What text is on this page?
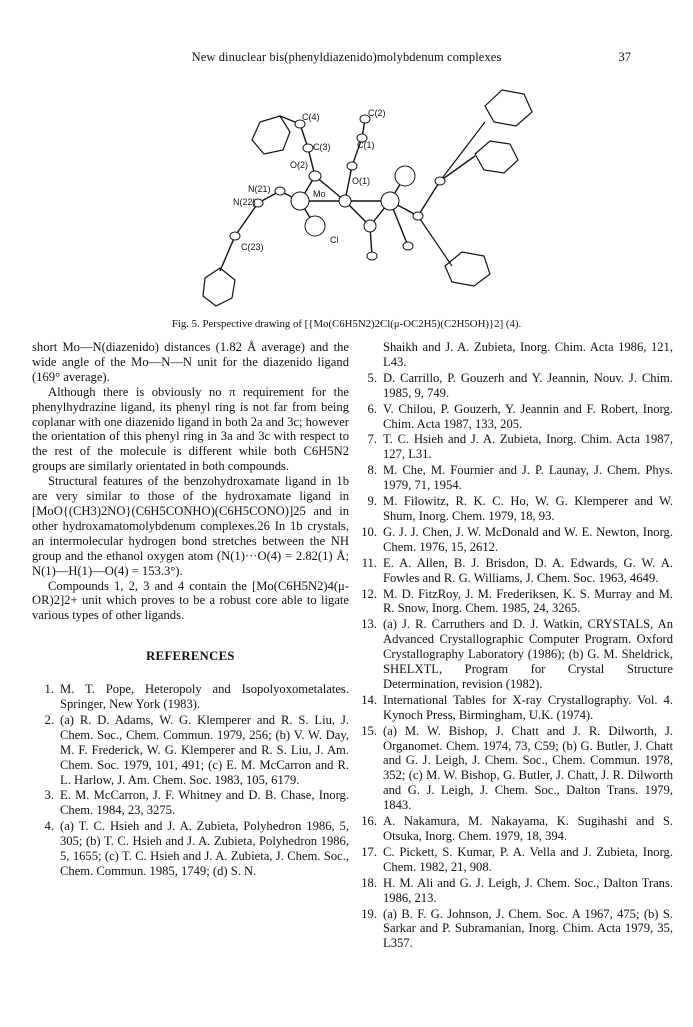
New dinuclear bis(phenyldiazenido)molybdenum complexes	37
C(4)	C(2)
C(3)	C(1)
O(2)
O(1)
N(21)	Mo
N(22)
Cl
C(23)
Fig. 5. Perspective drawing of [{Mo(C6H5N2)2Cl(μ-OC2H5)(C2H5OH)}2] (4).

short Mo—N(diazenido) distances (1.82 Å average) and the wide angle of the Mo—N—N unit for the diazenido ligand (169° average).

Although there is obviously no π requirement for the phenylhydrazine ligand, its phenyl ring is not far from being coplanar with one diazenido ligand in both 2a and 3c; however the orientation of this phenyl ring in 3a and 3c with respect to the rest of the molecule is different while both C6H5N2 groups are similarly orientated in both compounds.

Structural features of the benzohydroxamate ligand in 1b are very similar to those of the hydroxamate ligand in [MoO{(CH3)2NO}(C6H5CONHO)(C6H5CONO)]25 and in other hydroxamatomolybdenum complexes.26 In 1b crystals, an intermolecular hydrogen bond stretches between the NH group and the ethanol oxygen atom (N(1)···O(4) = 2.82(1) Å; N(1)—H(1)—O(4) = 153.3°).

Compounds 1, 2, 3 and 4 contain the [Mo(C6H5N2)4(μ-OR)2]2+ unit which proves to be a robust core able to ligate various types of other ligands.

REFERENCES
1. M. T. Pope, Heteropoly and Isopolyoxometalates. Springer, New York (1983).
2. (a) R. D. Adams, W. G. Klemperer and R. S. Liu, J. Chem. Soc., Chem. Commun. 1979, 256; (b) V. W. Day, M. F. Frederick, W. G. Klemperer and R. S. Liu, J. Am. Chem. Soc. 1979, 101, 491; (c) E. M. McCarron and R. L. Harlow, J. Am. Chem. Soc. 1983, 105, 6179.
3. E. M. McCarron, J. F. Whitney and D. B. Chase, Inorg. Chem. 1984, 23, 3275.
4. (a) T. C. Hsieh and J. A. Zubieta, Polyhedron 1986, 5, 305; (b) T. C. Hsieh and J. A. Zubieta, Polyhedron 1986, 5, 1655; (c) T. C. Hsieh and J. A. Zubieta, J. Chem. Soc., Chem. Commun. 1985, 1749; (d) S. N.
Shaikh and J. A. Zubieta, Inorg. Chim. Acta 1986, 121, L43.
5. D. Carrillo, P. Gouzerh and Y. Jeannin, Nouv. J. Chim. 1985, 9, 749.
6. V. Chilou, P. Gouzerh, Y. Jeannin and F. Robert, Inorg. Chim. Acta 1987, 133, 205.
7. T. C. Hsieh and J. A. Zubieta, Inorg. Chim. Acta 1987, 127, L31.
8. M. Che, M. Fournier and J. P. Launay, J. Chem. Phys. 1979, 71, 1954.
9. M. Filowitz, R. K. C. Ho, W. G. Klemperer and W. Shum, Inorg. Chem. 1979, 18, 93.
10. G. J. J. Chen, J. W. McDonald and W. E. Newton, Inorg. Chem. 1976, 15, 2612.
11. E. A. Allen, B. J. Brisdon, D. A. Edwards, G. W. A. Fowles and R. G. Williams, J. Chem. Soc. 1963, 4649.
12. M. D. FitzRoy, J. M. Frederiksen, K. S. Murray and M. R. Snow, Inorg. Chem. 1985, 24, 3265.
13. (a) J. R. Carruthers and D. J. Watkin, CRYSTALS, An Advanced Crystallographic Computer Program. Oxford Crystallography Laboratory (1986); (b) G. M. Sheldrick, SHELXTL, Program for Crystal Structure Determination, revision (1982).
14. International Tables for X-ray Crystallography. Vol. 4. Kynoch Press, Birmingham, U.K. (1974).
15. (a) M. W. Bishop, J. Chatt and J. R. Dilworth, J. Organomet. Chem. 1974, 73, C59; (b) G. Butler, J. Chatt and G. J. Leigh, J. Chem. Soc., Chem. Commun. 1978, 352; (c) M. W. Bishop, G. Butler, J. Chatt, J. R. Dilworth and G. J. Leigh, J. Chem. Soc., Dalton Trans. 1979, 1843.
16. A. Nakamura, M. Nakayama, K. Sugihashi and S. Otsuka, Inorg. Chem. 1979, 18, 394.
17. C. Pickett, S. Kumar, P. A. Vella and J. Zubieta, Inorg. Chem. 1982, 21, 908.
18. H. M. Ali and G. J. Leigh, J. Chem. Soc., Dalton Trans. 1986, 213.
19. (a) B. F. G. Johnson, J. Chem. Soc. A 1967, 475; (b) S. Sarkar and P. Subramanian, Inorg. Chim. Acta 1979, 35, L357.
